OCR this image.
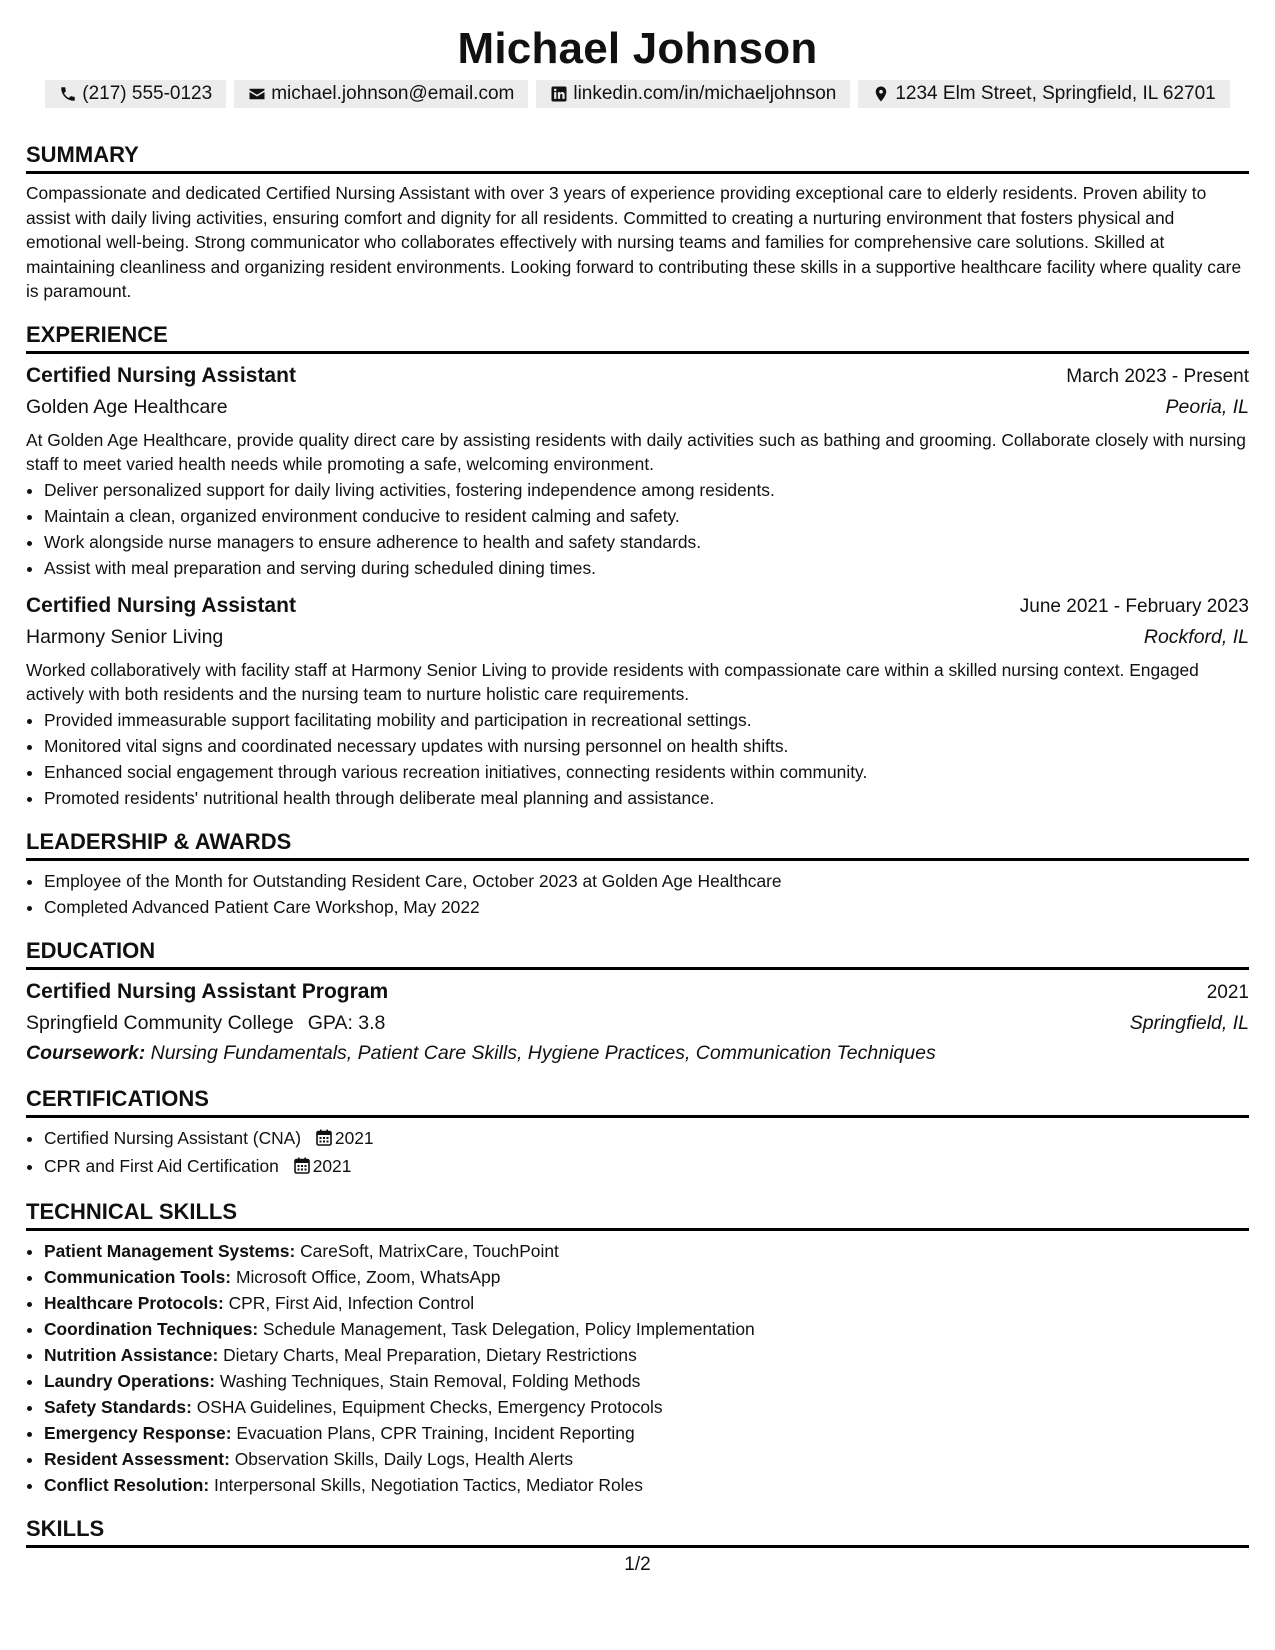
Michael Johnson
(217) 555-0123	michael.johnson@email.com	linkedin.com/in/michaeljohnson	1234 Elm Street, Springfield, IL 62701
SUMMARY

Compassionate and dedicated Certified Nursing Assistant with over 3 years of experience providing exceptional care to elderly residents. Proven ability to assist with daily living activities, ensuring comfort and dignity for all residents. Committed to creating a nurturing environment that fosters physical and emotional well-being. Strong communicator who collaborates effectively with nursing teams and families for comprehensive care solutions. Skilled at maintaining cleanliness and organizing resident environments. Looking forward to contributing these skills in a supportive healthcare facility where quality care is paramount.

EXPERIENCE
Certified Nursing Assistant	March 2023 - Present
Golden Age Healthcare	Peoria, IL

At Golden Age Healthcare, provide quality direct care by assisting residents with daily activities such as bathing and grooming. Collaborate closely with nursing staff to meet varied health needs while promoting a safe, welcoming environment.

• Deliver personalized support for daily living activities, fostering independence among residents.
• Maintain a clean, organized environment conducive to resident calming and safety.
• Work alongside nurse managers to ensure adherence to health and safety standards.
• Assist with meal preparation and serving during scheduled dining times.
Certified Nursing Assistant	June 2021 - February 2023
Harmony Senior Living	Rockford, IL

Worked collaboratively with facility staff at Harmony Senior Living to provide residents with compassionate care within a skilled nursing context. Engaged actively with both residents and the nursing team to nurture holistic care requirements.

• Provided immeasurable support facilitating mobility and participation in recreational settings.
• Monitored vital signs and coordinated necessary updates with nursing personnel on health shifts.
• Enhanced social engagement through various recreation initiatives, connecting residents within community.
• Promoted residents' nutritional health through deliberate meal planning and assistance.
LEADERSHIP & AWARDS
• Employee of the Month for Outstanding Resident Care, October 2023 at Golden Age Healthcare
• Completed Advanced Patient Care Workshop, May 2022
EDUCATION
Certified Nursing Assistant Program	2021
Springfield Community College GPA: 3.8	Springfield, IL
Coursework: Nursing Fundamentals, Patient Care Skills, Hygiene Practices, Communication Techniques
CERTIFICATIONS
• Certified Nursing Assistant (CNA) 2021
• CPR and First Aid Certification 2021
TECHNICAL SKILLS
• Patient Management Systems: CareSoft, MatrixCare, TouchPoint
• Communication Tools: Microsoft Office, Zoom, WhatsApp
• Healthcare Protocols: CPR, First Aid, Infection Control
• Coordination Techniques: Schedule Management, Task Delegation, Policy Implementation
• Nutrition Assistance: Dietary Charts, Meal Preparation, Dietary Restrictions
• Laundry Operations: Washing Techniques, Stain Removal, Folding Methods
• Safety Standards: OSHA Guidelines, Equipment Checks, Emergency Protocols
• Emergency Response: Evacuation Plans, CPR Training, Incident Reporting
• Resident Assessment: Observation Skills, Daily Logs, Health Alerts
• Conflict Resolution: Interpersonal Skills, Negotiation Tactics, Mediator Roles
SKILLS
1/2
